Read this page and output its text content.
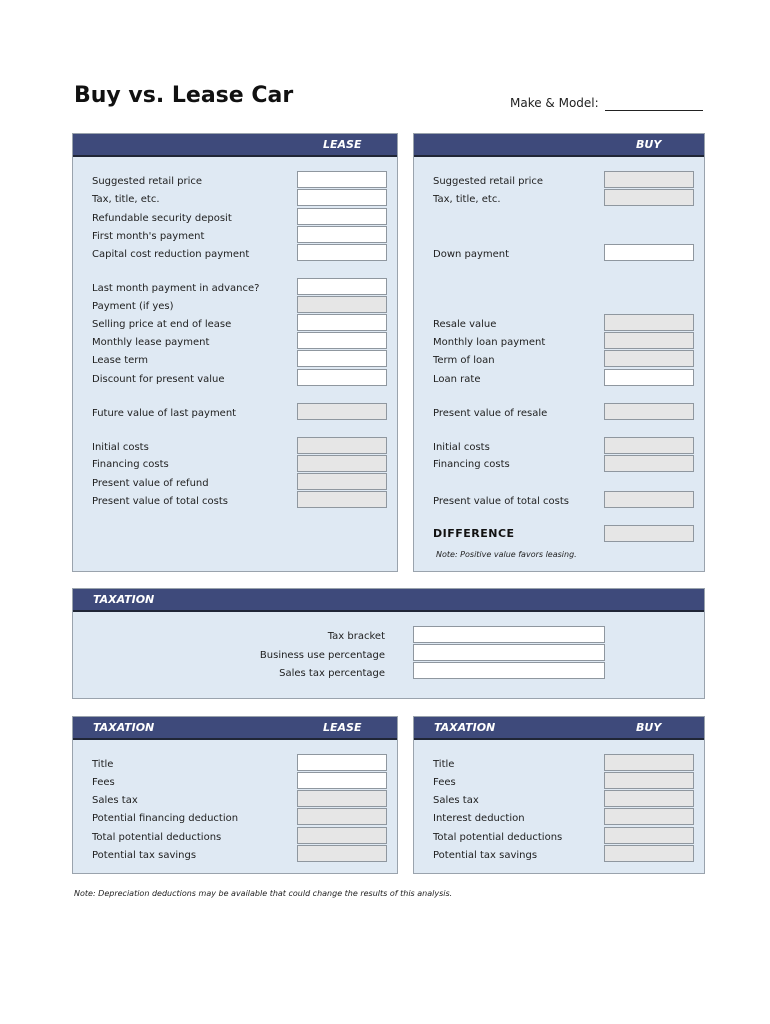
Buy vs. Lease Car	Make & Model:
LEASE
Suggested retail price
Tax, title, etc.
Refundable security deposit
First month's payment
Capital cost reduction payment
Last month payment in advance?
Payment (if yes)
Selling price at end of lease
Monthly lease payment
Lease term
Discount for present value
Future value of last payment
Initial costs
Financing costs
Present value of refund
Present value of total costs
BUY
Suggested retail price
Tax, title, etc.
Down payment
Resale value
Monthly loan payment
Term of loan
Loan rate
Present value of resale
Initial costs
Financing costs
Present value of total costs
DIFFERENCE
Note: Positive value favors leasing.
TAXATION
Tax bracket
Business use percentage
Sales tax percentage
TAXATION	LEASE
Title
Fees
Sales tax
Potential financing deduction
Total potential deductions
Potential tax savings
TAXATION	BUY
Title
Fees
Sales tax
Interest deduction
Total potential deductions
Potential tax savings
Note: Depreciation deductions may be available that could change the results of this analysis.
